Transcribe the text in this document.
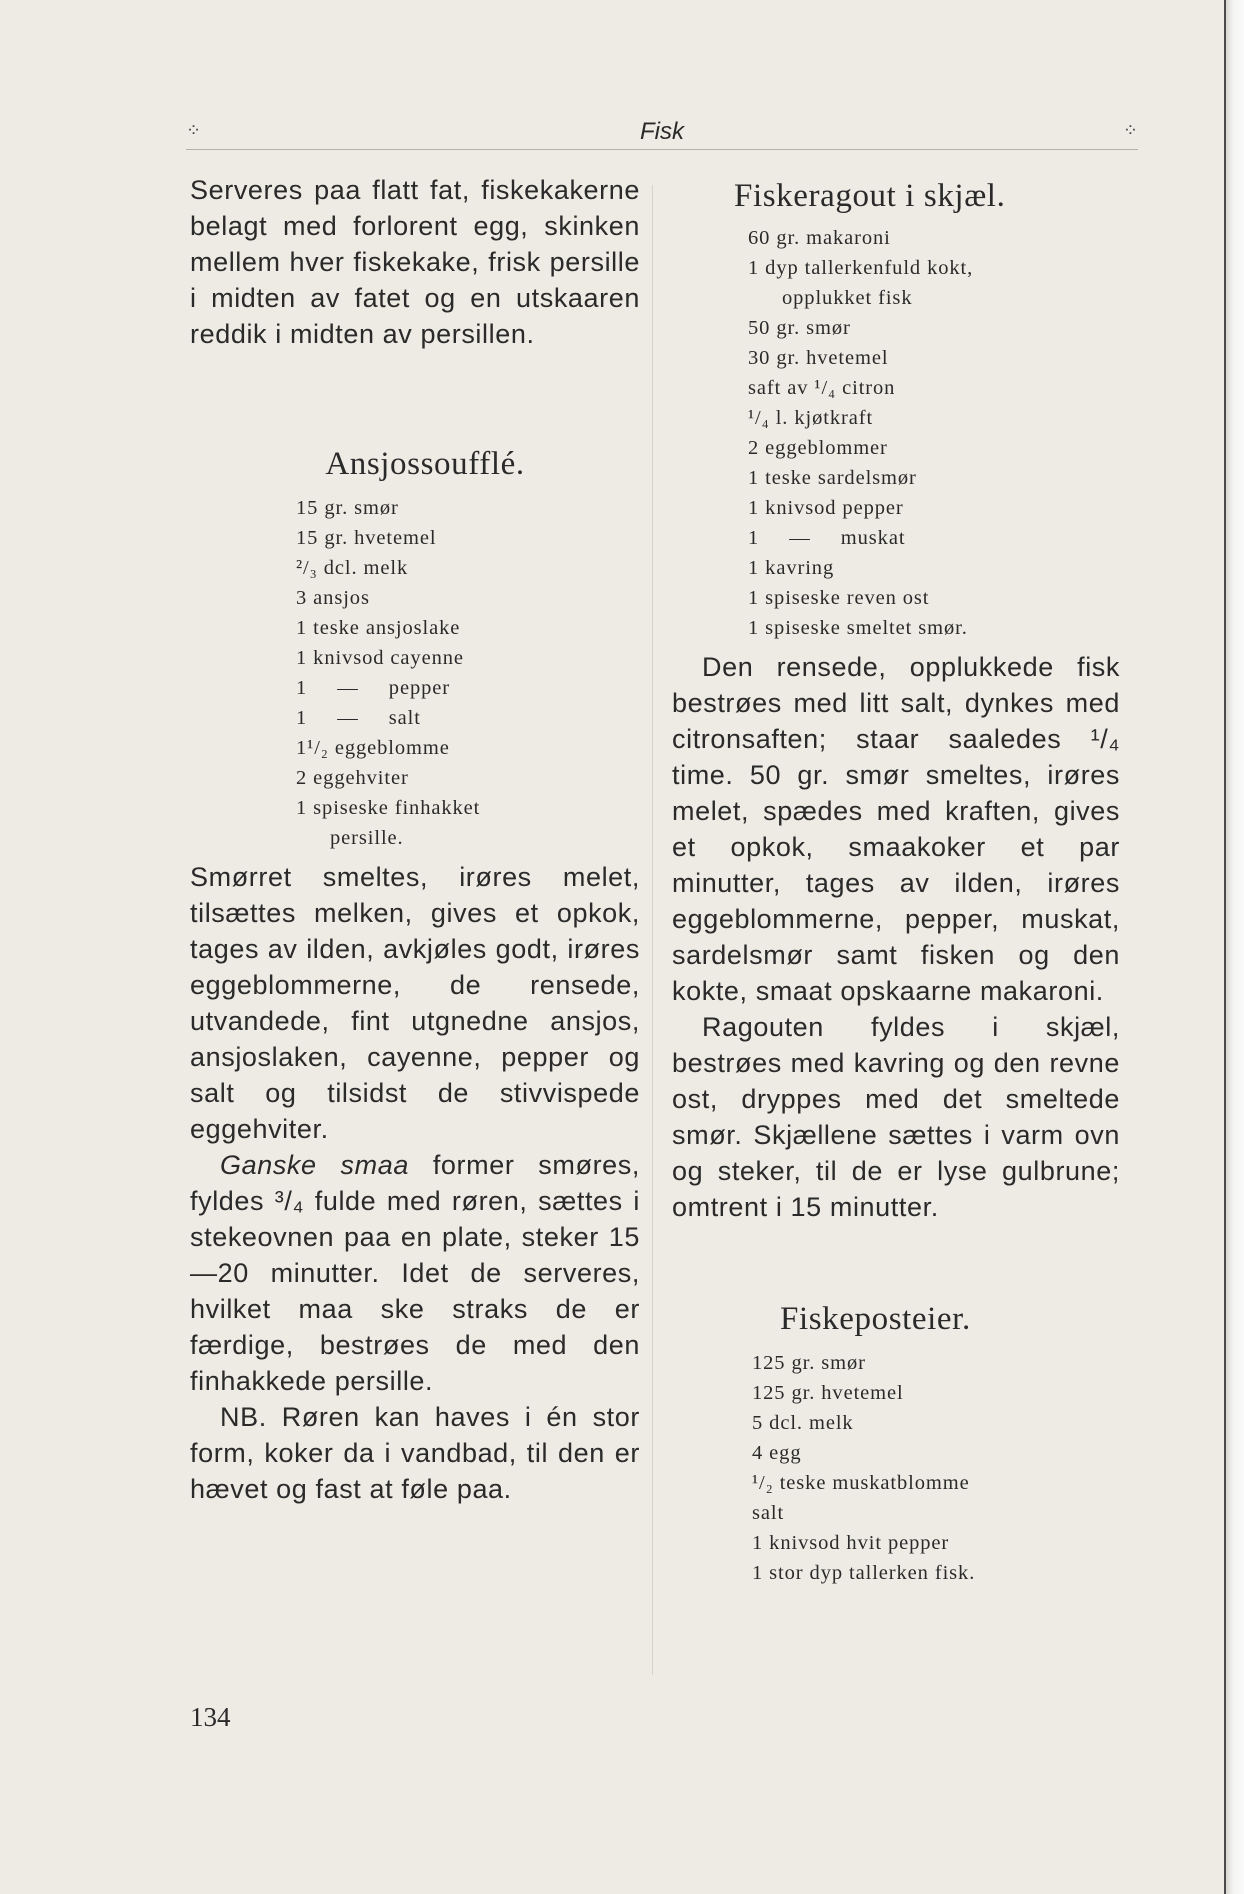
⁘	Fisk	⁘

Serveres paa flatt fat, fiskekakerne belagt med forlorent egg, skinken mellem hver fiskekake, frisk persille i midten av fatet og en utskaaren reddik i midten av persillen.

Ansjossoufflé.
15 gr. smør
15 gr. hvetemel
²/₃ dcl. melk
3 ansjos
1 teske ansjoslake
1 knivsod cayenne
1     —     pepper
1     —     salt
1¹/₂ eggeblomme
2 eggehviter
1 spiseske finhakket
persille.

Smørret smeltes, irøres melet, tilsættes melken, gives et opkok, tages av ilden, avkjøles godt, irøres eggeblommerne, de rensede, utvandede, fint utgnedne ansjos, ansjoslaken, cayenne, pepper og salt og tilsidst de stivvispede eggehviter.

Ganske smaa former smøres, fyldes ³/₄ fulde med røren, sættes i stekeovnen paa en plate, steker 15—20 minutter. Idet de serveres, hvilket maa ske straks de er færdige, bestrøes de med den finhakkede persille.

NB. Røren kan haves i én stor form, koker da i vandbad, til den er hævet og fast at føle paa.

Fiskeragout i skjæl.
60 gr. makaroni
1 dyp tallerkenfuld kokt,
opplukket fisk
50 gr. smør
30 gr. hvetemel
saft av ¹/₄ citron
¹/₄ l. kjøtkraft
2 eggeblommer
1 teske sardelsmør
1 knivsod pepper
1     —     muskat
1 kavring
1 spiseske reven ost
1 spiseske smeltet smør.

Den rensede, opplukkede fisk bestrøes med litt salt, dynkes med citronsaften; staar saaledes ¹/₄ time. 50 gr. smør smeltes, irøres melet, spædes med kraften, gives et opkok, smaakoker et par minutter, tages av ilden, irøres eggeblommerne, pepper, muskat, sardelsmør samt fisken og den kokte, smaat opskaarne makaroni.

Ragouten fyldes i skjæl, bestrøes med kavring og den revne ost, dryppes med det smeltede smør. Skjællene sættes i varm ovn og steker, til de er lyse gulbrune; omtrent i 15 minutter.

Fiskeposteier.
125 gr. smør
125 gr. hvetemel
5 dcl. melk
4 egg
¹/₂ teske muskatblomme
salt
1 knivsod hvit pepper
1 stor dyp tallerken fisk.
134
